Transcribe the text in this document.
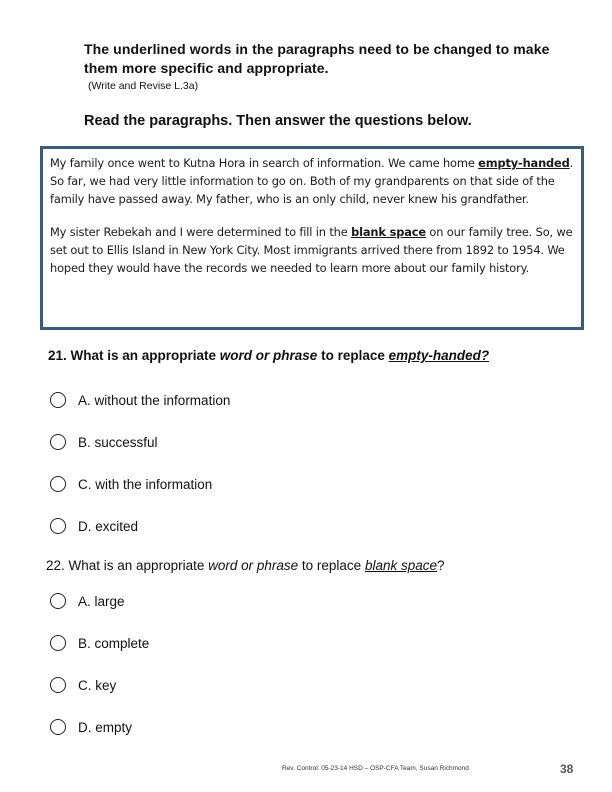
The underlined words in the paragraphs need to be changed to make them more specific and appropriate.
(Write and Revise L.3a)
Read the paragraphs. Then answer the questions below.

My family once went to Kutna Hora in search of information. We came home empty-handed. So far, we had very little information to go on. Both of my grandparents on that side of the family have passed away. My father, who is an only child, never knew his grandfather.

My sister Rebekah and I were determined to fill in the blank space on our family tree. So, we set out to Ellis Island in New York City. Most immigrants arrived there from 1892 to 1954. We hoped they would have the records we needed to learn more about our family history.

21. What is an appropriate word or phrase to replace empty-handed?
A. without the information
B. successful
C. with the information
D. excited
22. What is an appropriate word or phrase to replace blank space?
A. large
B. complete
C. key
D. empty
Rev. Control: 05-23-14 HSD – OSP-CFA Team, Susan Richmond	38
